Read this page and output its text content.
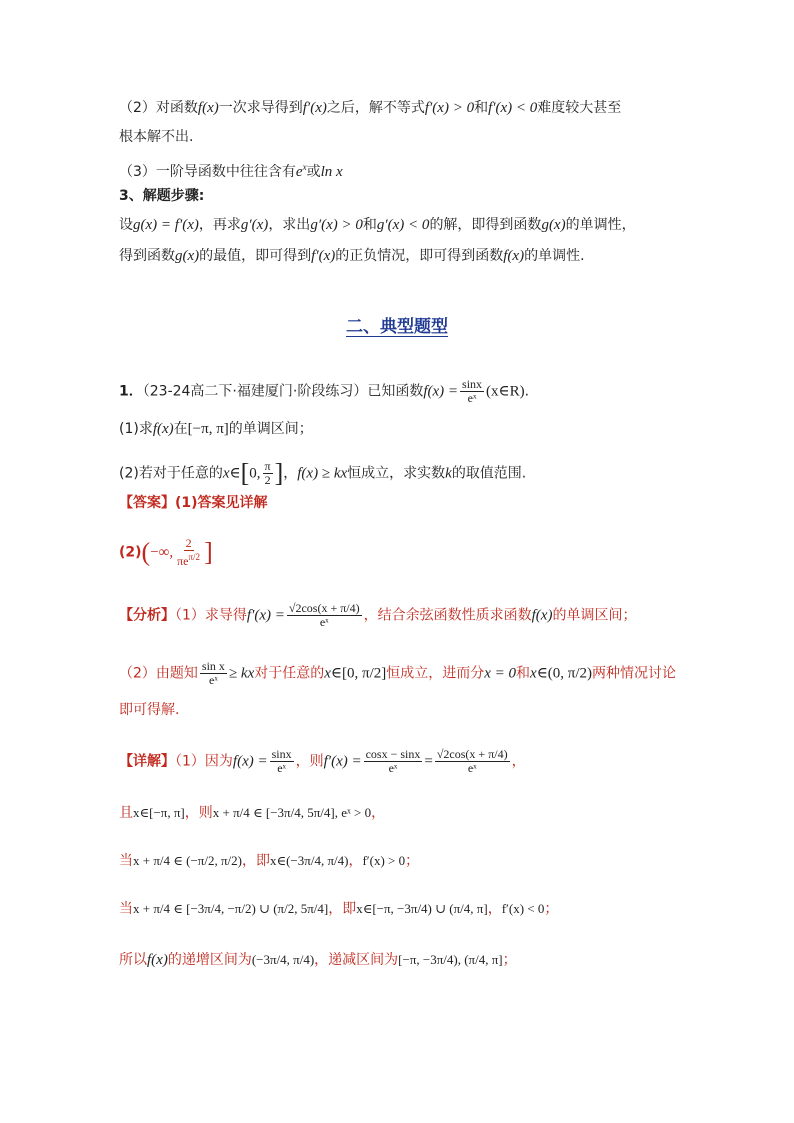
（2）对函数f(x)一次求导得到f′(x)之后，解不等式f′(x) > 0和f′(x) < 0难度较大甚至
根本解不出.
（3）一阶导函数中往往含有$e^x$或ln x
3、解题步骤:
设g(x) = f′(x)，再求g′(x)，求出g′(x) > 0和g′(x) < 0的解，即得到函数g(x)的单调性，
得到函数g(x)的最值，即可得到f′(x)的正负情况，即可得到函数f(x)的单调性.
二、典型题型
1．（23-24高二下·福建厦门·阶段练习）已知函数$f(x) = \frac{\sin x}{\text{eˣ}}$ (x∈R).
(1)求f(x)在[−π, π]的单调区间；
(2)若对于任意的x∈[0, $\frac{\pi}{2}$ ]，f(x) ≥ kx恒成立，求实数k的取值范围.
【答案】(1)答案见详解
(2)(−∞, $\frac{2}{\pi e^{\pi/2}}$ ]
【分析】（1）求导得$f'(x) = \frac{√2\cos(x + \pi/4)}{\text{eˣ}}$ ，结合余弦函数性质求函数f(x)的单调区间；
（2）由题知 $\frac{\text{sin x}}{\text{eˣ}}$ ≥ kx对于任意的x∈[0, π/2]恒成立，进而分x = 0和x∈(0, π/2)两种情况讨论
即可得解.
【详解】（1）因为$f(x) = \frac{\sin x}{\text{eˣ}}$ ，则$f'(x) = \frac{\cos x - \sin x}{\text{eˣ}} = \frac{√2\cos(x + \pi/4)}{\text{eˣ}}$ ，
且x∈[−π, π]，则x + π/4 ∈ [−3π/4, 5π/4], eˣ > 0，
当x + π/4 ∈ (−π/2, π/2)，即x∈(−3π/4, π/4)，f′(x) > 0；
当x + π/4 ∈ [−3π/4, −π/2) ∪ (π/2, 5π/4]，即x∈[−π, −3π/4) ∪ (π/4, π]，f′(x) < 0；
所以f(x)的递增区间为(−3π/4, π/4)，递减区间为[−π, −3π/4), (π/4, π]；
